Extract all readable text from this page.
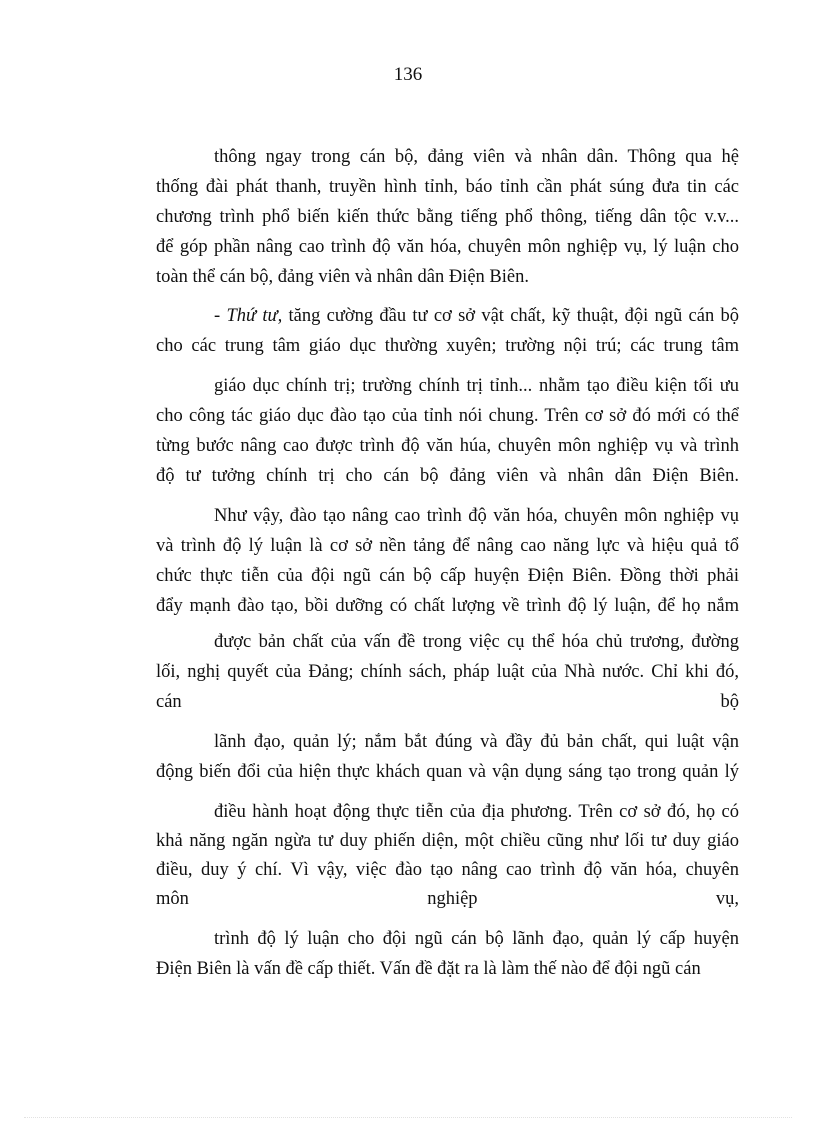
136
thông ngay trong cán bộ, đảng viên và nhân dân. Thông qua hệ
thống đài phát thanh, truyền hình tỉnh, báo tỉnh cần phát súng đưa tin các
chương trình phổ biến kiến thức bằng tiếng phổ thông, tiếng dân tộc v.v...
để góp phần nâng cao trình độ văn hóa, chuyên môn nghiệp vụ, lý luận cho
toàn thể cán bộ, đảng viên và nhân dân Điện Biên.
- Thứ tư, tăng cường đầu tư cơ sở vật chất, kỹ thuật, đội ngũ cán bộ
cho các trung tâm giáo dục thường xuyên; trường nội trú; các trung tâm
giáo dục chính trị; trường chính trị tỉnh... nhằm tạo điều kiện tối ưu
cho công tác giáo dục đào tạo của tỉnh nói chung. Trên cơ sở đó mới có thể
từng bước nâng cao được trình độ văn húa, chuyên môn nghiệp vụ và trình
độ tư tưởng chính trị cho cán bộ đảng viên và nhân dân Điện Biên.
Như vậy, đào tạo nâng cao trình độ văn hóa, chuyên môn nghiệp vụ
và trình độ lý luận là cơ sở nền tảng để nâng cao năng lực và hiệu quả tổ
chức thực tiễn của đội ngũ cán bộ cấp huyện Điện Biên. Đồng thời phải
đẩy mạnh đào tạo, bồi dưỡng có chất lượng về trình độ lý luận, để họ nắm
được bản chất của vấn đề trong việc cụ thể hóa chủ trương, đường
lối, nghị quyết của Đảng; chính sách, pháp luật của Nhà nước. Chỉ khi đó,
cán bộ
lãnh đạo, quản lý; nắm bắt đúng và đầy đủ bản chất, qui luật vận
động biến đổi của hiện thực khách quan và vận dụng sáng tạo trong quản lý
điều hành hoạt động thực tiễn của địa phương. Trên cơ sở đó, họ có
khả năng ngăn ngừa tư duy phiến diện, một chiều cũng như lối tư duy giáo
điều, duy ý chí. Vì vậy, việc đào tạo nâng cao trình độ văn hóa, chuyên
môn nghiệp vụ,
trình độ lý luận cho đội ngũ cán bộ lãnh đạo, quản lý cấp huyện
Điện Biên là vấn đề cấp thiết. Vấn đề đặt ra là làm thế nào để đội ngũ cán
